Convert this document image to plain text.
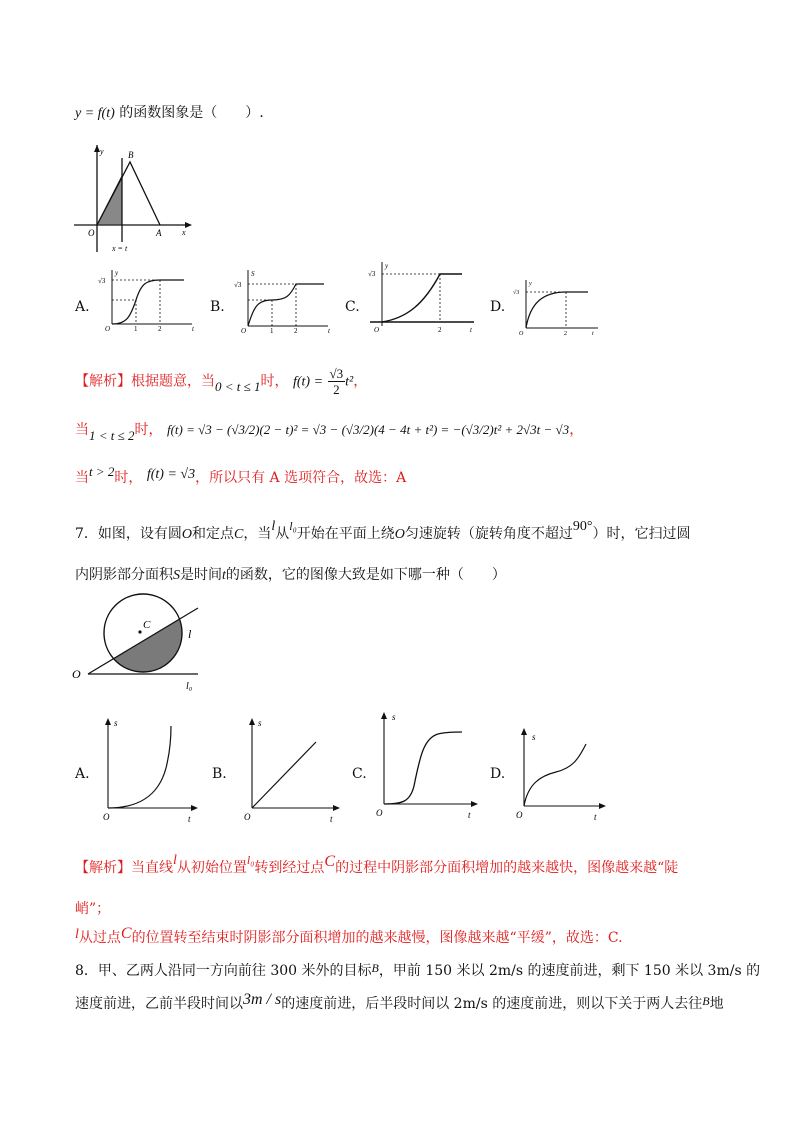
y = f(t) 的函数图象是（　　）.
y
x
B
O	A
x = t
A.
y
√3
1	2	t
O
B.
S
√3
1	2	t
O
C.
y
√3
2	t
O
D.
y
√3
2	t
O
【解析】根据题意，当0 < t ≤ 1时， $f(t) = \frac{√3}{2} t^2$，
当1 < t ≤ 2时， f(t) = √3 − (√3/2)(2 − t)² = √3 − (√3/2)(4 − 4t + t²) = −(√3/2)t² + 2√3t − √3，
当t > 2时， f(t) = √3，所以只有 A 选项符合，故选：A
7．如图，设有圆O和定点C，当l从l₀开始在平面上绕O匀速旋转（旋转角度不超过90°）时，它扫过圆
内阴影部分面积S是时间t的函数，它的图像大致是如下哪一种（　　）
C
l
O
l₀
A.
s
O	t
B.
s
O	t
C.
s
O	t
D.
s
O	t
【解析】当直线l从初始位置l₀转到经过点C的过程中阴影部分面积增加的越来越快，图像越来越“陡
峭”；
l从过点C的位置转至结束时阴影部分面积增加的越来越慢，图像越来越“平缓”，故选：C.
8．甲、乙两人沿同一方向前往 300 米外的目标B，甲前 150 米以 2m/s 的速度前进，剩下 150 米以 3m/s 的
速度前进，乙前半段时间以3m / s的速度前进，后半段时间以 2m/s 的速度前进，则以下关于两人去往B地
